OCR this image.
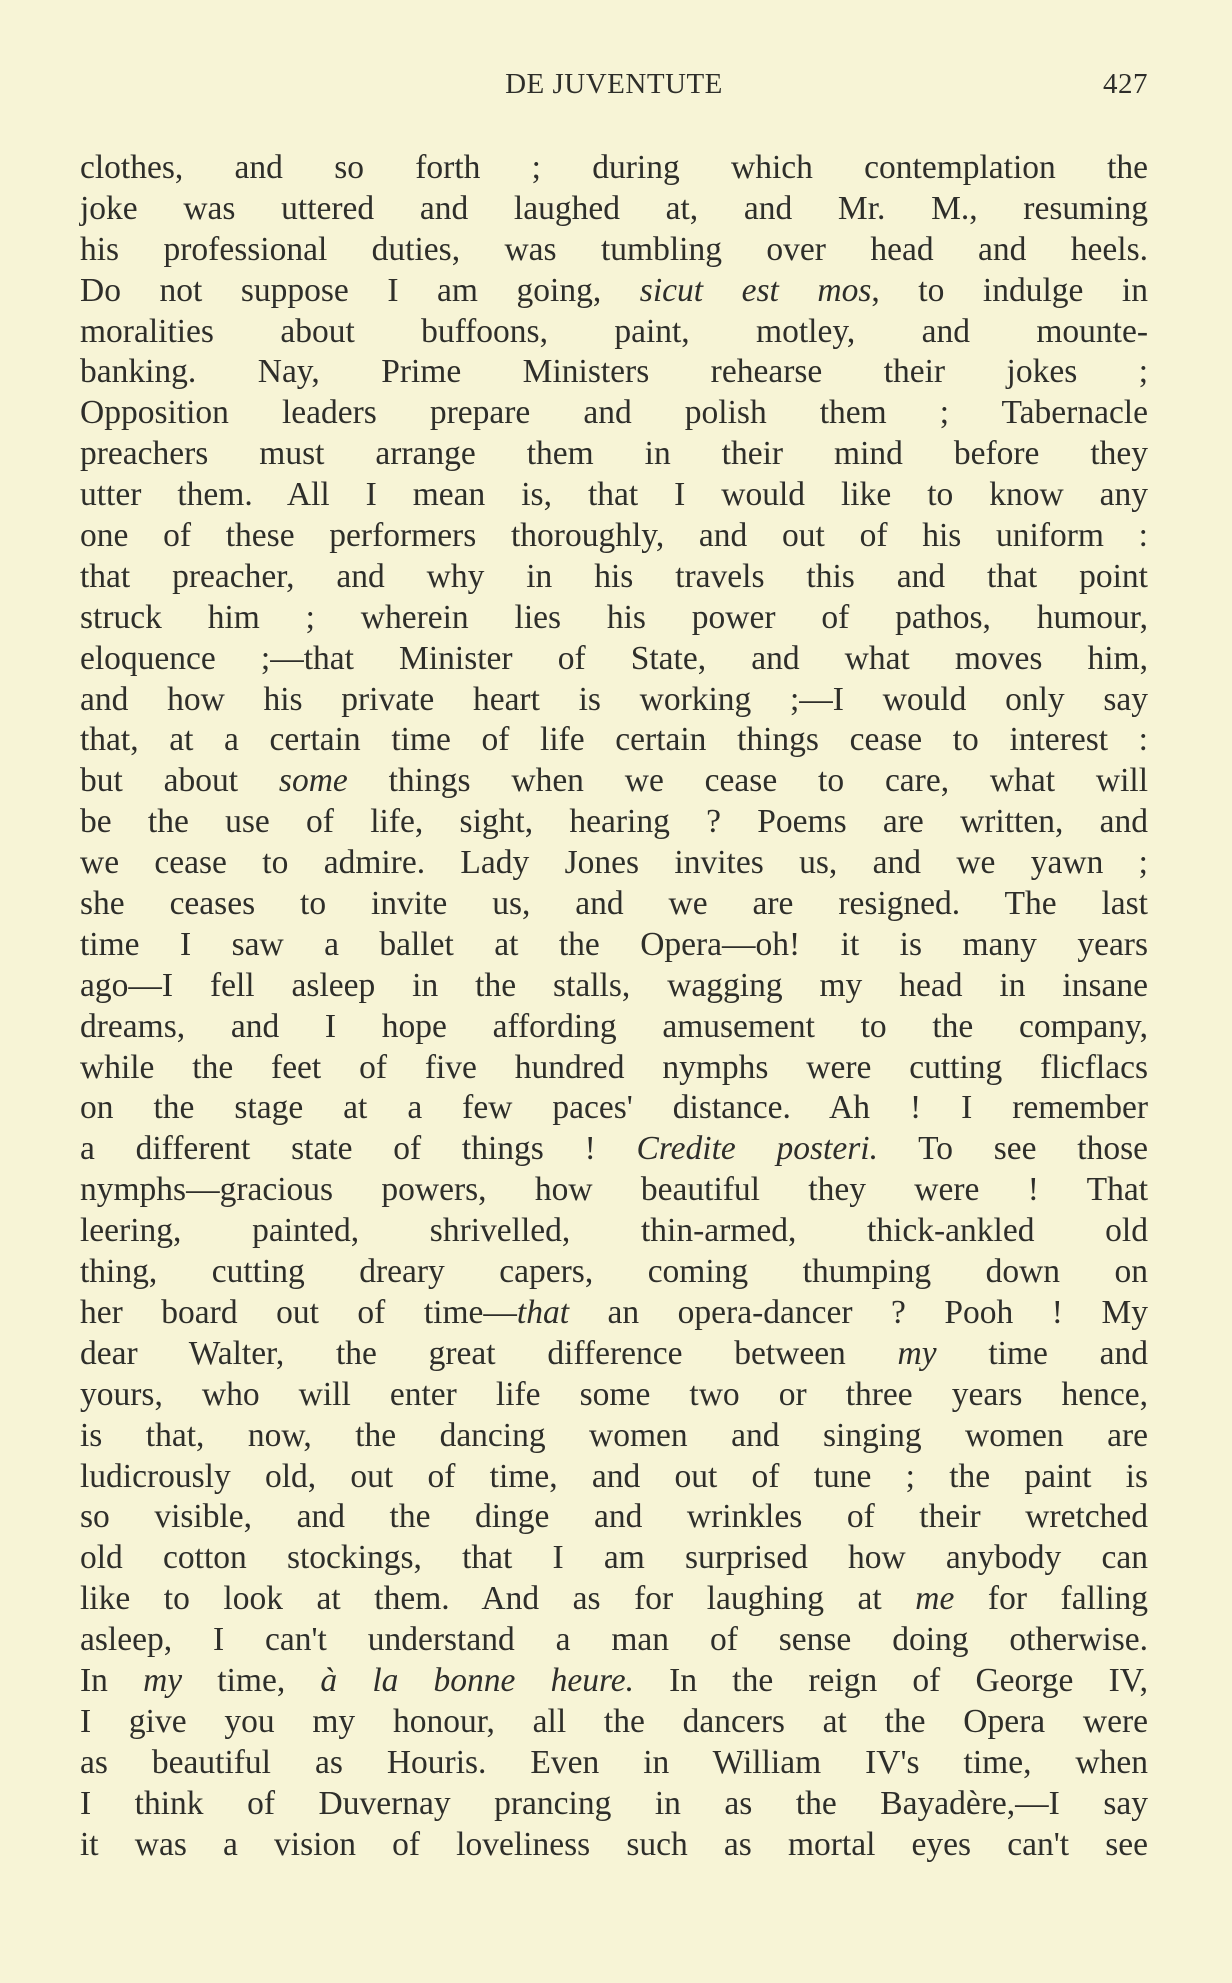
DE JUVENTUTE	427
clothes, and so forth ; during which contemplation the
joke was uttered and laughed at, and Mr. M., resuming
his professional duties, was tumbling over head and heels.
Do not suppose I am going, sicut est mos, to indulge in
moralities about buffoons, paint, motley, and mounte-
banking. Nay, Prime Ministers rehearse their jokes ;
Opposition leaders prepare and polish them ; Tabernacle
preachers must arrange them in their mind before they
utter them. All I mean is, that I would like to know any
one of these performers thoroughly, and out of his uniform :
that preacher, and why in his travels this and that point
struck him ; wherein lies his power of pathos, humour,
eloquence ;—that Minister of State, and what moves him,
and how his private heart is working ;—I would only say
that, at a certain time of life certain things cease to interest :
but about some things when we cease to care, what will
be the use of life, sight, hearing ? Poems are written, and
we cease to admire. Lady Jones invites us, and we yawn ;
she ceases to invite us, and we are resigned. The last
time I saw a ballet at the Opera—oh! it is many years
ago—I fell asleep in the stalls, wagging my head in insane
dreams, and I hope affording amusement to the company,
while the feet of five hundred nymphs were cutting flicflacs
on the stage at a few paces' distance. Ah ! I remember
a different state of things ! Credite posteri. To see those
nymphs—gracious powers, how beautiful they were ! That
leering, painted, shrivelled, thin-armed, thick-ankled old
thing, cutting dreary capers, coming thumping down on
her board out of time—that an opera-dancer ? Pooh ! My
dear Walter, the great difference between my time and
yours, who will enter life some two or three years hence,
is that, now, the dancing women and singing women are
ludicrously old, out of time, and out of tune ; the paint is
so visible, and the dinge and wrinkles of their wretched
old cotton stockings, that I am surprised how anybody can
like to look at them. And as for laughing at me for falling
asleep, I can't understand a man of sense doing otherwise.
In my time, à la bonne heure. In the reign of George IV,
I give you my honour, all the dancers at the Opera were
as beautiful as Houris. Even in William IV's time, when
I think of Duvernay prancing in as the Bayadère,—I say
it was a vision of loveliness such as mortal eyes can't see
